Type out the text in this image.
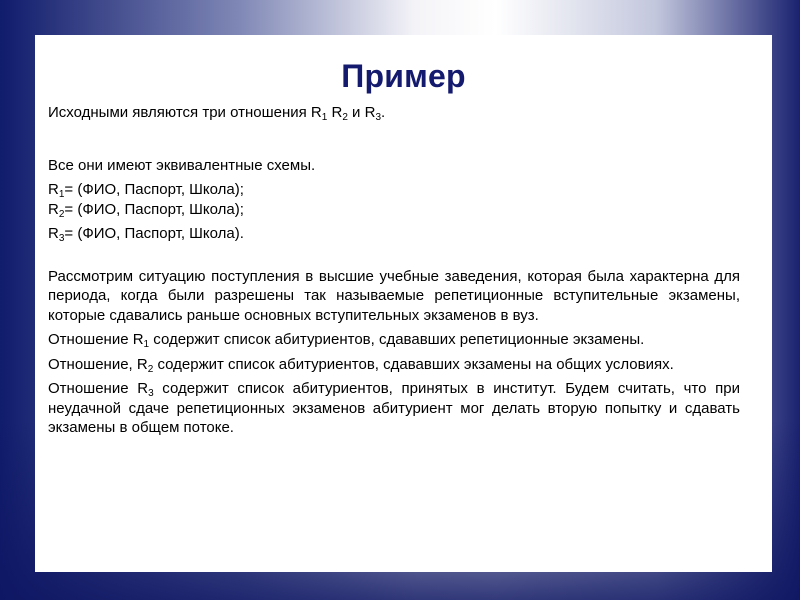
Пример

Исходными являются три отношения $R_1$ $R_2$ и $R_3$.

Все они имеют эквивалентные схемы.

$R_1= (ФИО$, Паспорт, Школа);

$R_2= (ФИО$, Паспорт, Школа);

$R_3= (ФИО$, Паспорт, Школа).

Рассмотрим ситуацию поступления в высшие учебные заведения, которая была характерна для периода, когда были разрешены так называемые репетиционные вступительные экзамены, которые сдавались раньше основных вступительных экзаменов в вуз.

Отношение $R_1$ содержит список абитуриентов, сдававших репетиционные экзамены.

Отношение, $R_2$ содержит список абитуриентов, сдававших экзамены на общих условиях.

Отношение $R_3$ содержит список абитуриентов, принятых в институт. Будем считать, что при неудачной сдаче репетиционных экзаменов абитуриент мог делать вторую попытку и сдавать экзамены в общем потоке.
